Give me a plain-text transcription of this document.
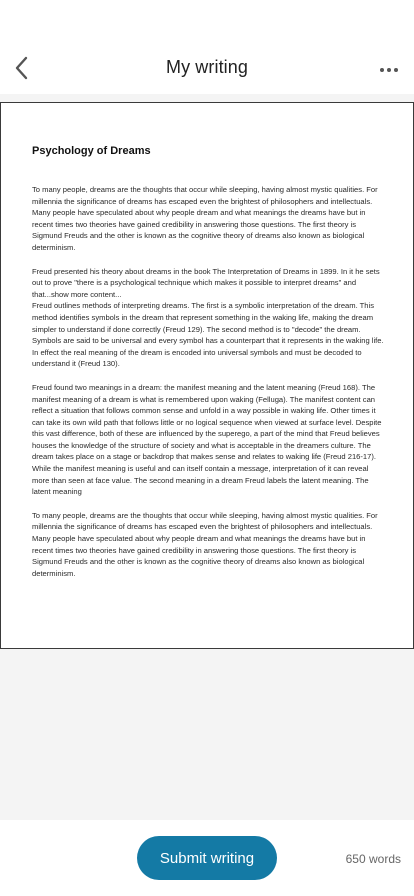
My writing
Psychology of Dreams

To many people, dreams are the thoughts that occur while sleeping, having almost mystic qualities. For millennia the significance of dreams has escaped even the brightest of philosophers and intellectuals. Many people have speculated about why people dream and what meanings the dreams have but in recent times two theories have gained credibility in answering those questions. The first theory is Sigmund Freuds and the other is known as the cognitive theory of dreams also known as biological determinism.

Freud presented his theory about dreams in the book The Interpretation of Dreams in 1899. In it he sets out to prove "there is a psychological technique which makes it possible to interpret dreams" and that...show more content...

Freud outlines methods of interpreting dreams. The first is a symbolic interpretation of the dream. This method identifies symbols in the dream that represent something in the waking life, making the dream simpler to understand if done correctly (Freud 129). The second method is to "decode" the dream. Symbols are said to be universal and every symbol has a counterpart that it represents in the waking life. In effect the real meaning of the dream is encoded into universal symbols and must be decoded to understand it (Freud 130).

Freud found two meanings in a dream: the manifest meaning and the latent meaning (Freud 168). The manifest meaning of a dream is what is remembered upon waking (Felluga). The manifest content can reflect a situation that follows common sense and unfold in a way possible in waking life. Other times it can take its own wild path that follows little or no logical sequence when viewed at surface level. Despite this vast difference, both of these are influenced by the superego, a part of the mind that Freud believes houses the knowledge of the structure of society and what is acceptable in the dreamers culture. The dream takes place on a stage or backdrop that makes sense and relates to waking life (Freud 216-17). While the manifest meaning is useful and can itself contain a message, interpretation of it can reveal more than seen at face value. The second meaning in a dream Freud labels the latent meaning. The latent meaning

To many people, dreams are the thoughts that occur while sleeping, having almost mystic qualities. For millennia the significance of dreams has escaped even the brightest of philosophers and intellectuals. Many people have speculated about why people dream and what meanings the dreams have but in recent times two theories have gained credibility in answering those questions. The first theory is Sigmund Freuds and the other is known as the cognitive theory of dreams also known as biological determinism.

Submit writing	650 words
